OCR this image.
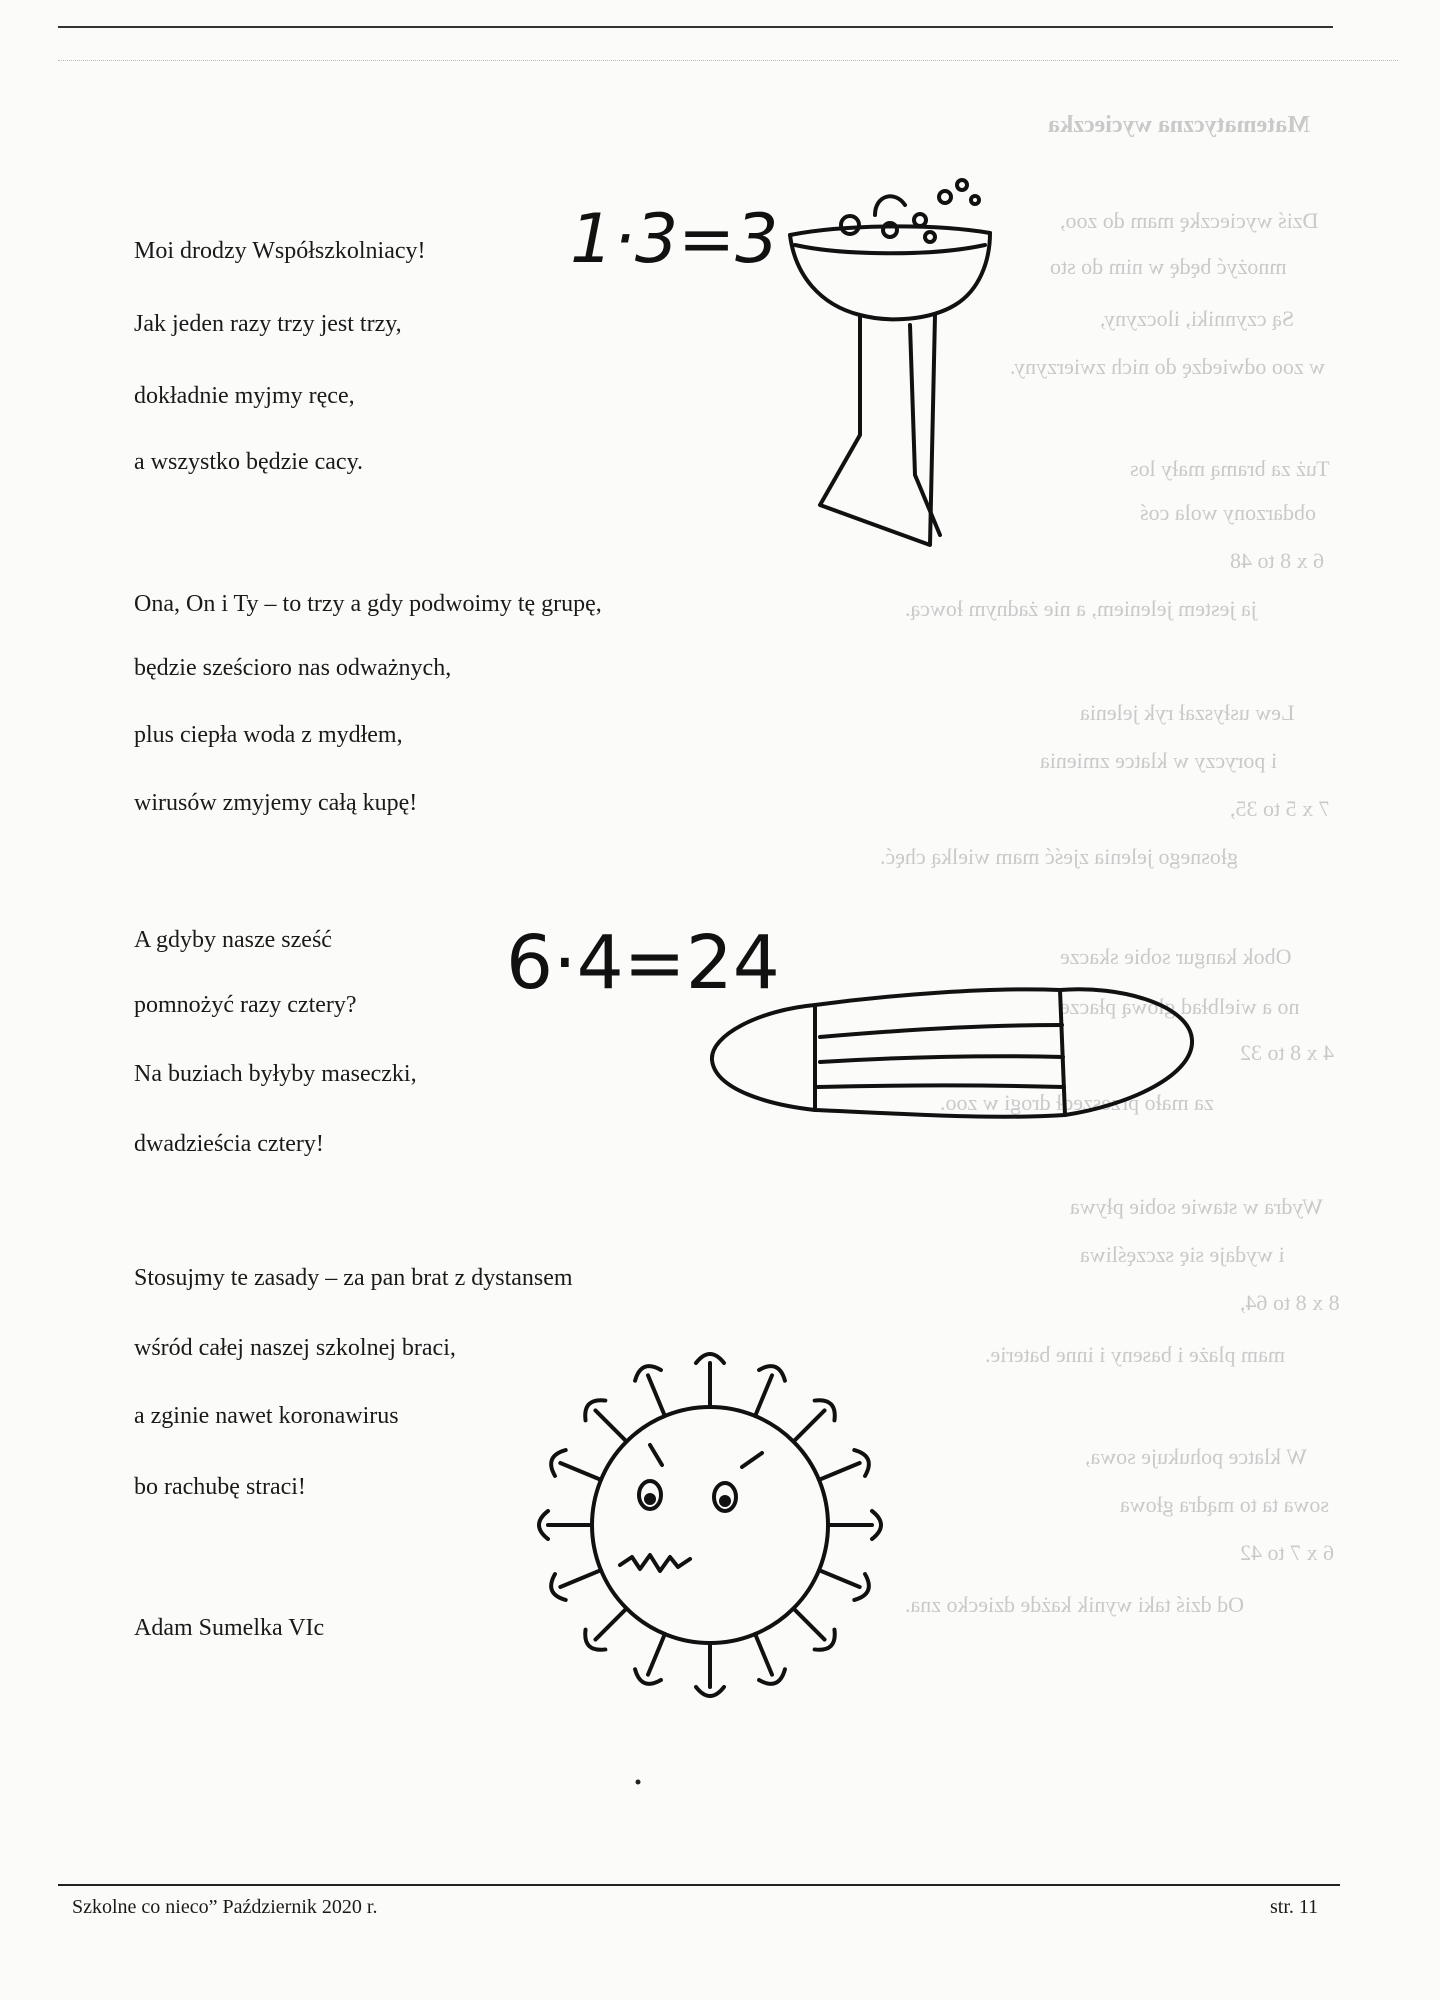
Matematyczna wycieczka
Dziś wycieczkę mam do zoo,
mnożyć będę w nim do sto
Są czynniki, iloczyny,
w zoo odwiedzę do nich zwierzyny.
Tuż za bramą mały los
obdarzony wola coś
6 x 8 to 48
ja jestem jeleniem, a nie żadnym łowcą.
Lew usłyszał ryk jelenia
i poryczy w klatce zmienia
7 x 5 to 35,
głosnego jelenia zjeść mam wielką chęć.
Obok kangur sobie skacze
no a wielbład głową płacze
4 x 8 to 32
za mało przeszedł drogi w zoo.
Wydra w stawie sobie pływa
i wydaje się szczęśliwa
8 x 8 to 64,
mam plaże i baseny i inne baterie.
W klatce pohukuje sowa,
sowa ta to mądra głowa
6 x 7 to 42
Od dziś taki wynik każde dziecko zna.
Moi drodzy Współszkolniacy!
Jak jeden razy trzy jest trzy,
dokładnie myjmy ręce,
a wszystko będzie cacy.
Ona, On i Ty – to trzy a gdy podwoimy tę grupę,
będzie sześcioro nas odważnych,
plus ciepła woda z mydłem,
wirusów zmyjemy całą kupę!
A gdyby nasze sześć
pomnożyć razy cztery?
Na buziach byłyby maseczki,
dwadzieścia cztery!
Stosujmy te zasady – za pan brat z dystansem
wśród całej naszej szkolnej braci,
a zginie nawet koronawirus
bo rachubę straci!
Adam Sumelka VIc
1·3=3
6·4=24
Szkolne co nieco” Październik 2020 r.	str. 11
